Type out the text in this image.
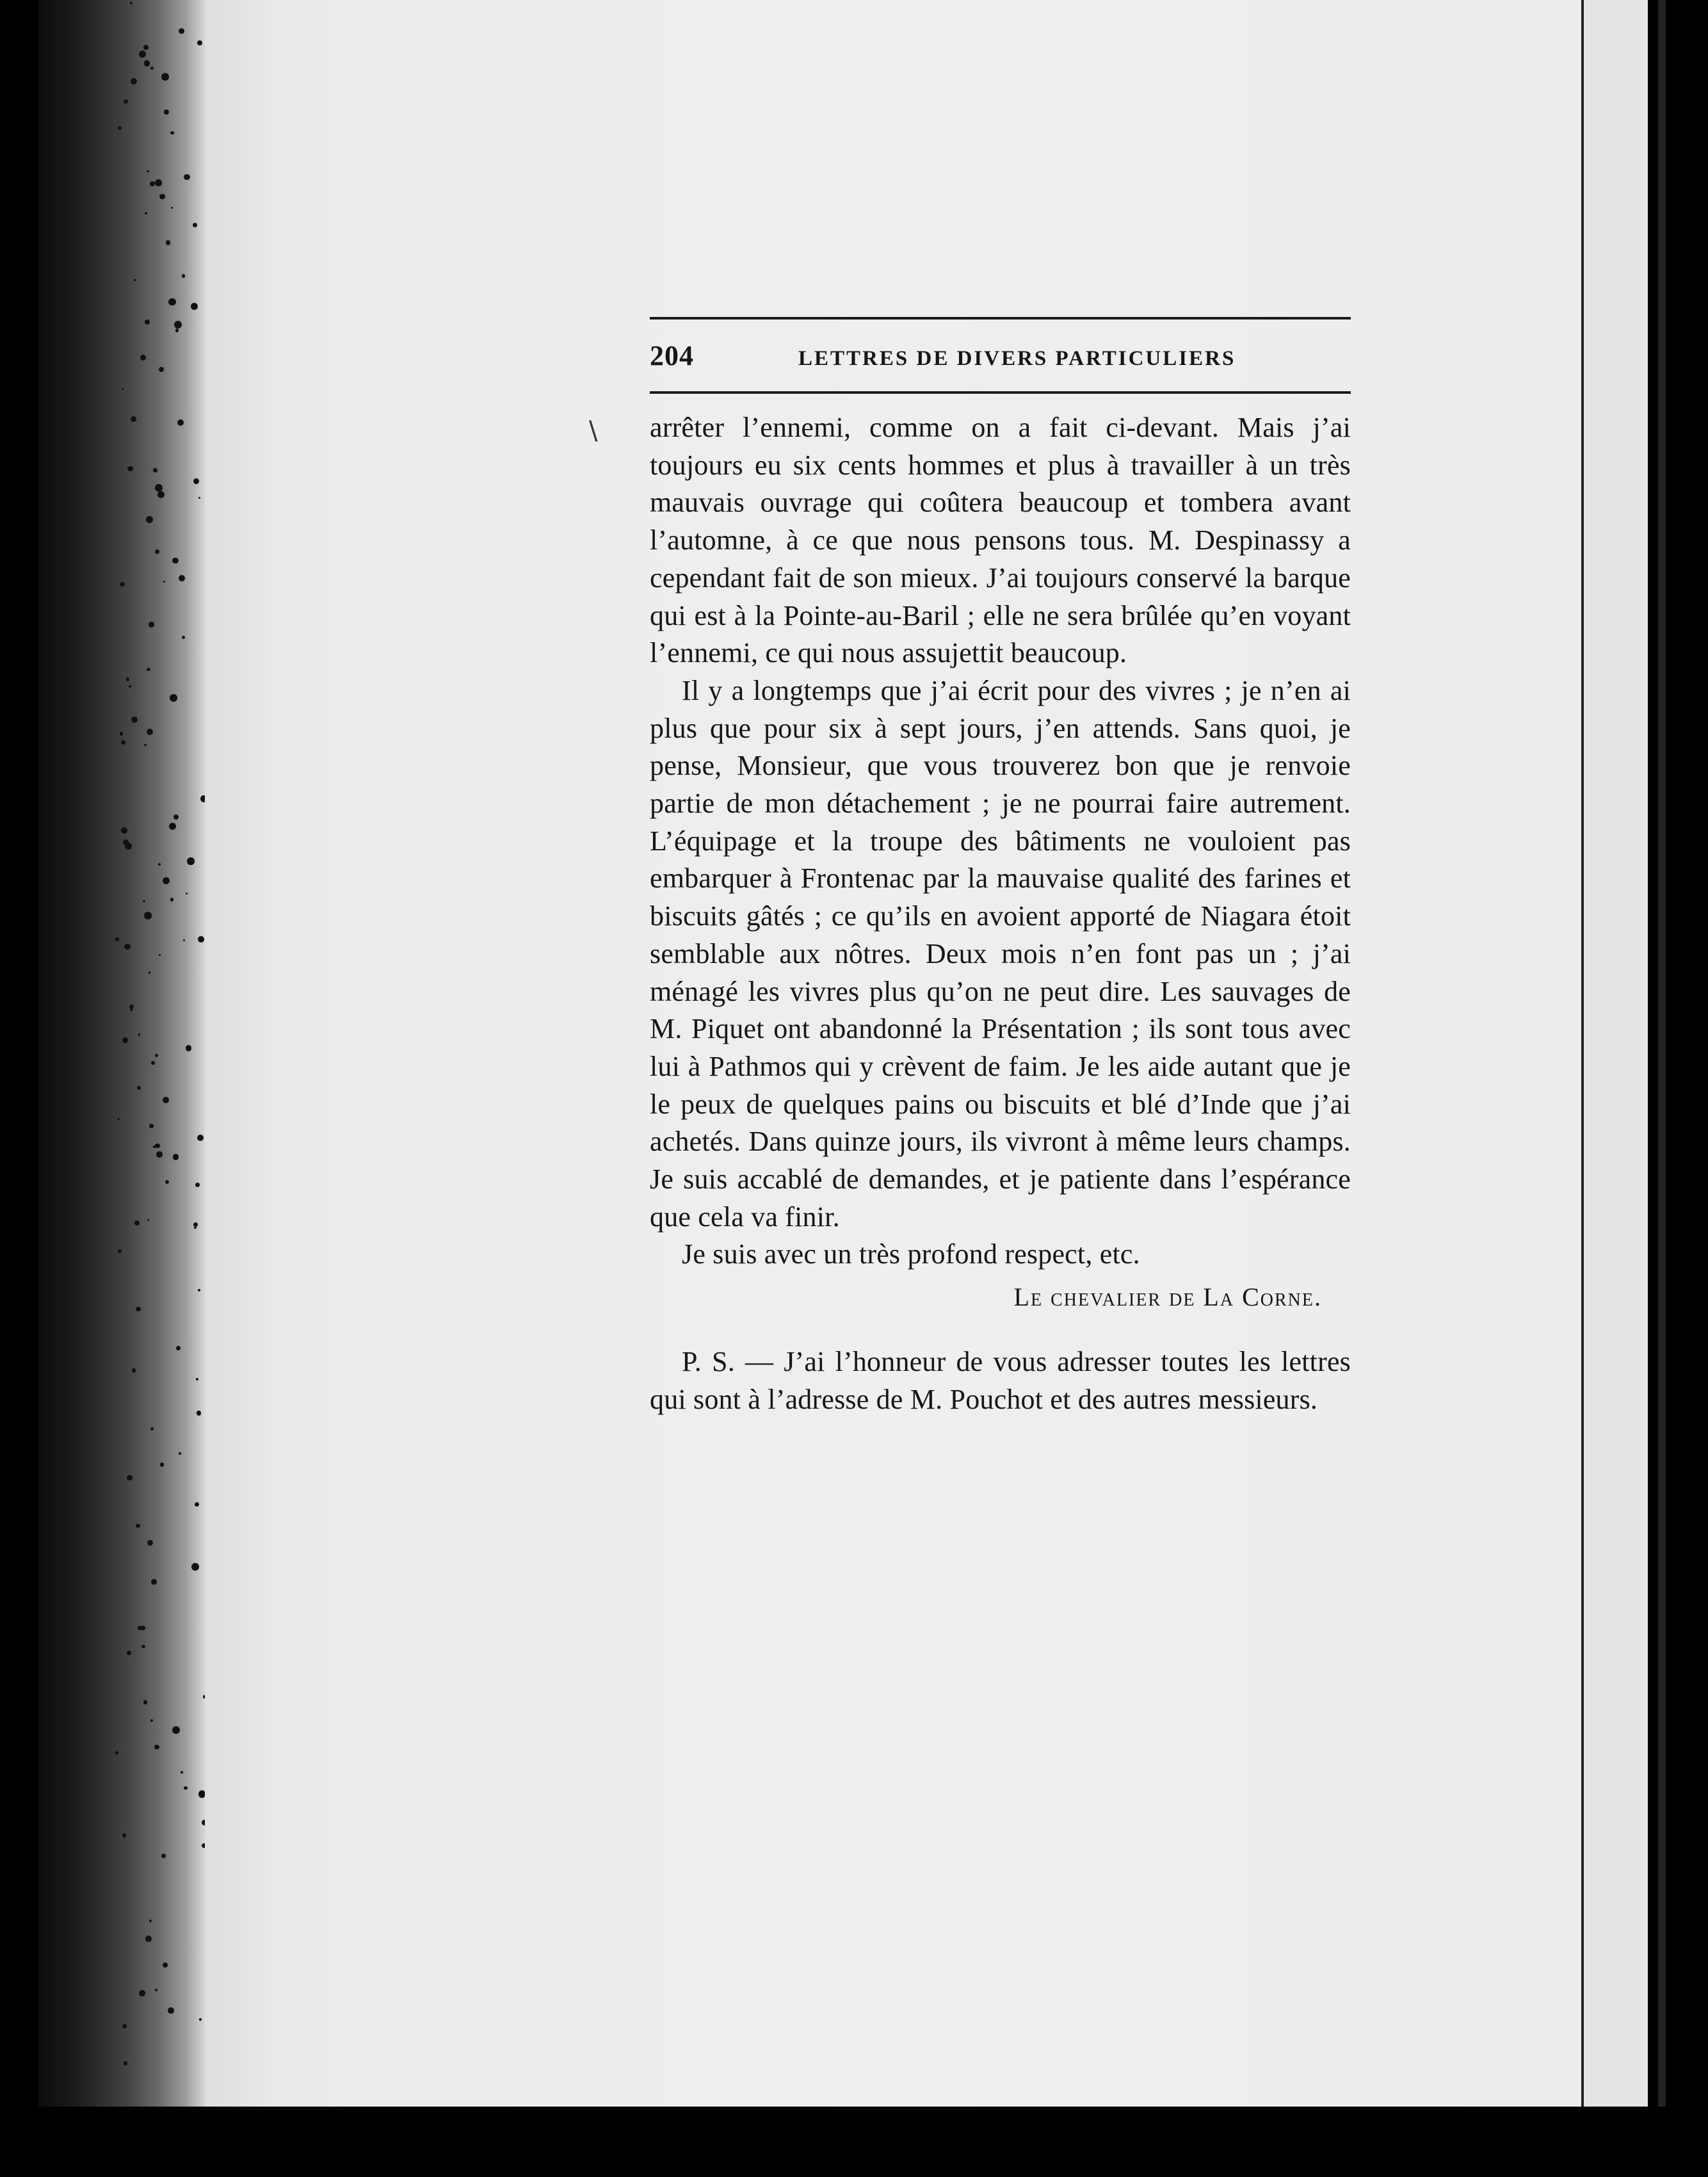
\
204	LETTRES DE DIVERS PARTICULIERS

arrêter l’ennemi, comme on a fait ci-devant. Mais j’ai toujours eu six cents hommes et plus à travailler à un très mauvais ouvrage qui coûtera beaucoup et tombera avant l’automne, à ce que nous pensons tous. M. Despinassy a cependant fait de son mieux. J’ai toujours conservé la barque qui est à la Pointe-au-Baril ; elle ne sera brûlée qu’en voyant l’ennemi, ce qui nous assujettit beaucoup.

Il y a longtemps que j’ai écrit pour des vivres ; je n’en ai plus que pour six à sept jours, j’en attends. Sans quoi, je pense, Monsieur, que vous trouverez bon que je renvoie partie de mon détachement ; je ne pourrai faire autrement. L’équipage et la troupe des bâtiments ne vouloient pas embarquer à Frontenac par la mauvaise qualité des farines et biscuits gâtés ; ce qu’ils en avoient apporté de Niagara étoit semblable aux nôtres. Deux mois n’en font pas un ; j’ai ménagé les vivres plus qu’on ne peut dire. Les sauvages de M. Piquet ont abandonné la Présentation ; ils sont tous avec lui à Pathmos qui y crèvent de faim. Je les aide autant que je le peux de quelques pains ou biscuits et blé d’Inde que j’ai achetés. Dans quinze jours, ils vivront à même leurs champs. Je suis accablé de demandes, et je patiente dans l’espérance que cela va finir.

Je suis avec un très profond respect, etc.

Le chevalier de La Corne.

P. S. — J’ai l’honneur de vous adresser toutes les lettres qui sont à l’adresse de M. Pouchot et des autres messieurs.
